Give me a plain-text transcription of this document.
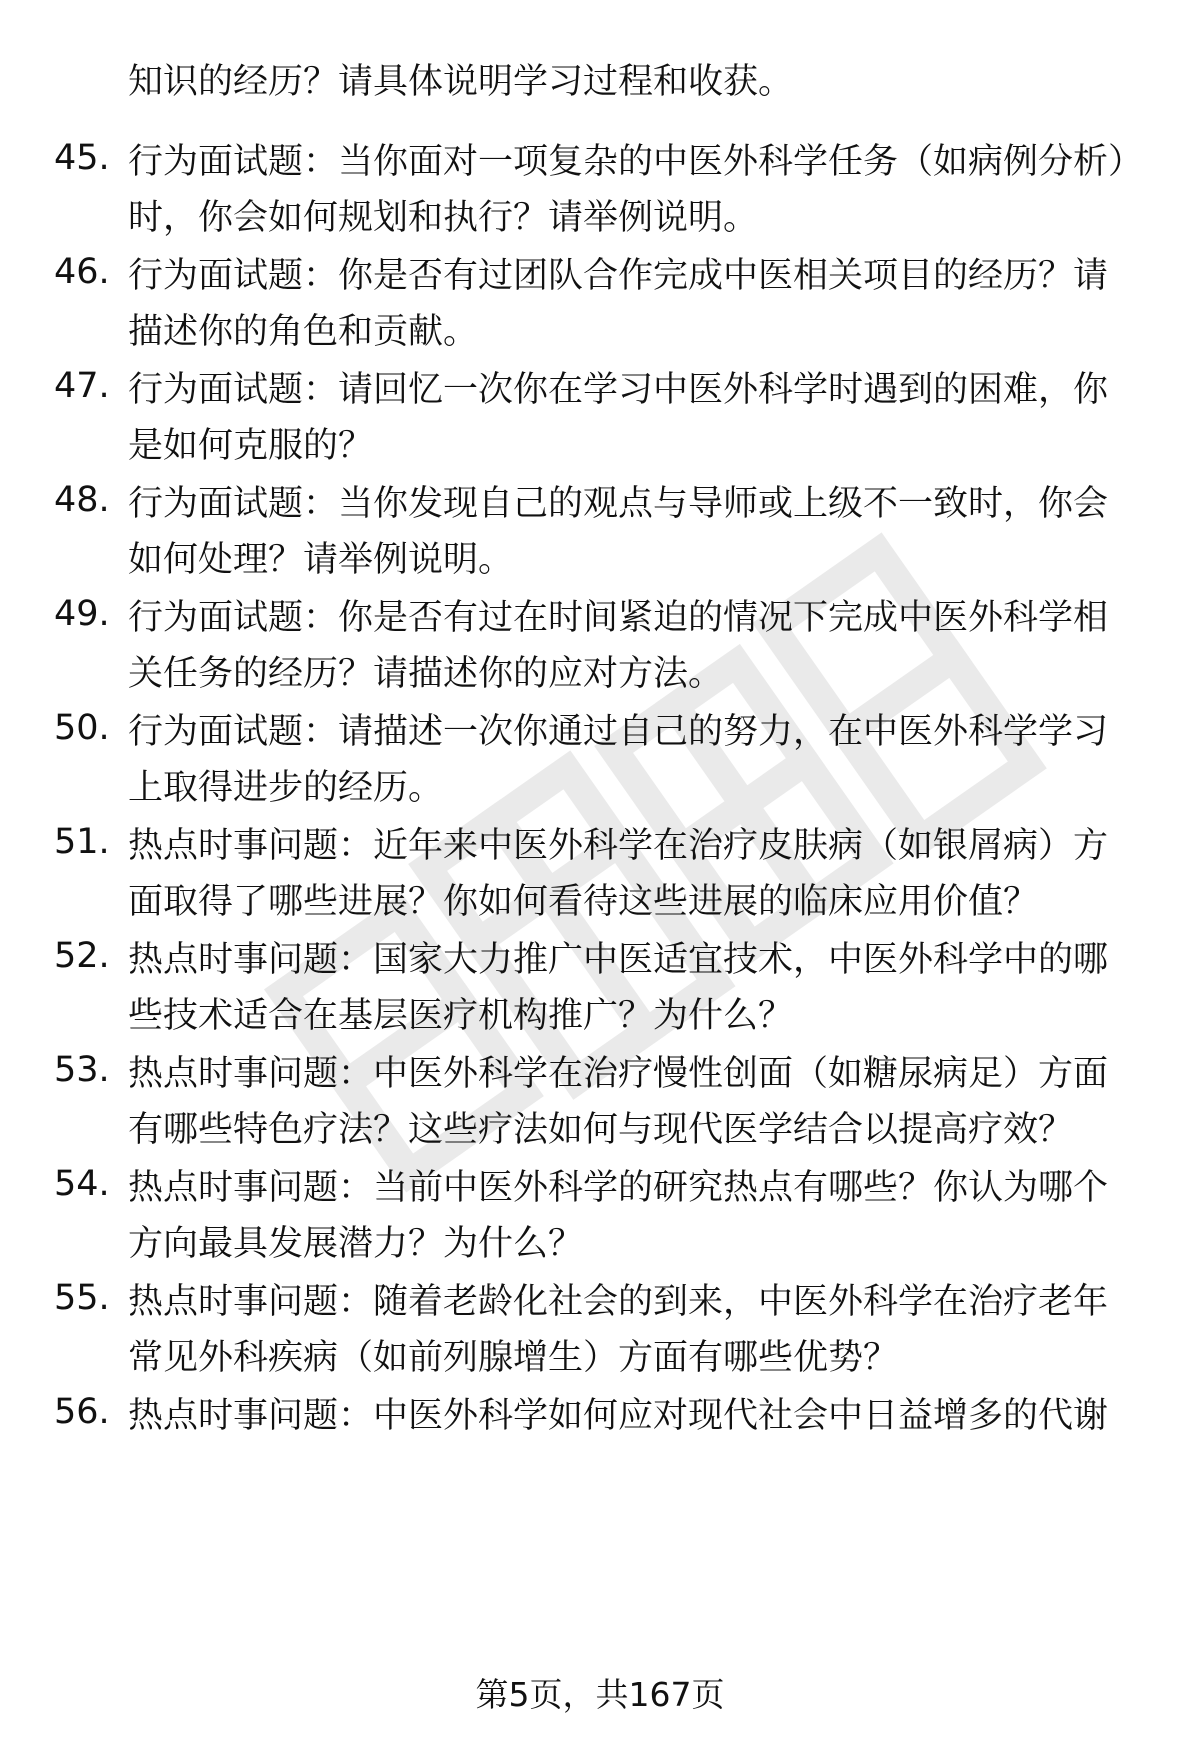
知识的经历？请具体说明学习过程和收获。
45. 行为面试题：当你面对一项复杂的中医外科学任务（如病例分析）时，你会如何规划和执行？请举例说明。
46. 行为面试题：你是否有过团队合作完成中医相关项目的经历？请描述你的角色和贡献。
47. 行为面试题：请回忆一次你在学习中医外科学时遇到的困难，你是如何克服的？
48. 行为面试题：当你发现自己的观点与导师或上级不一致时，你会如何处理？请举例说明。
49. 行为面试题：你是否有过在时间紧迫的情况下完成中医外科学相关任务的经历？请描述你的应对方法。
50. 行为面试题：请描述一次你通过自己的努力，在中医外科学学习上取得进步的经历。
51. 热点时事问题：近年来中医外科学在治疗皮肤病（如银屑病）方面取得了哪些进展？你如何看待这些进展的临床应用价值？
52. 热点时事问题：国家大力推广中医适宜技术，中医外科学中的哪些技术适合在基层医疗机构推广？为什么？
53. 热点时事问题：中医外科学在治疗慢性创面（如糖尿病足）方面有哪些特色疗法？这些疗法如何与现代医学结合以提高疗效？
54. 热点时事问题：当前中医外科学的研究热点有哪些？你认为哪个方向最具发展潜力？为什么？
55. 热点时事问题：随着老龄化社会的到来，中医外科学在治疗老年常见外科疾病（如前列腺增生）方面有哪些优势？
56. 热点时事问题：中医外科学如何应对现代社会中日益增多的代谢
第5页，共167页
